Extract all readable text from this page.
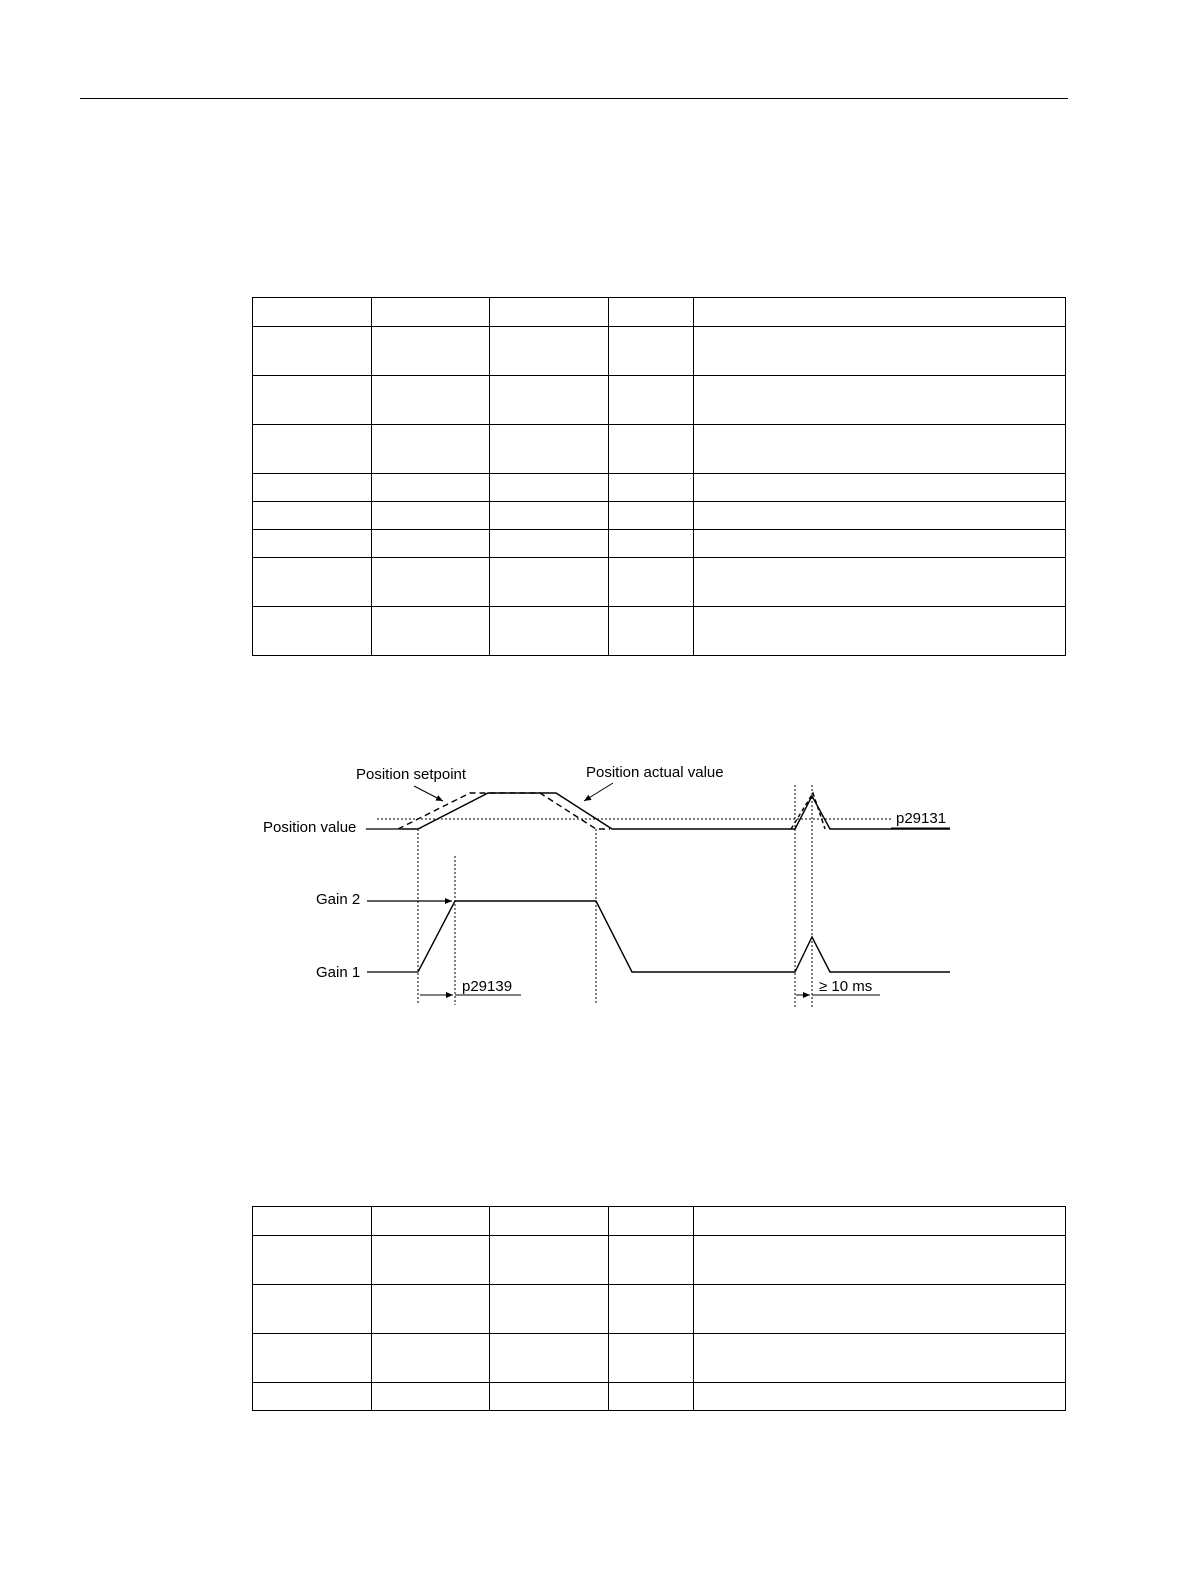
Position setpoint	Position actual value
Position value
p29131
Gain 2
Gain 1
p29139	≥ 10 ms
